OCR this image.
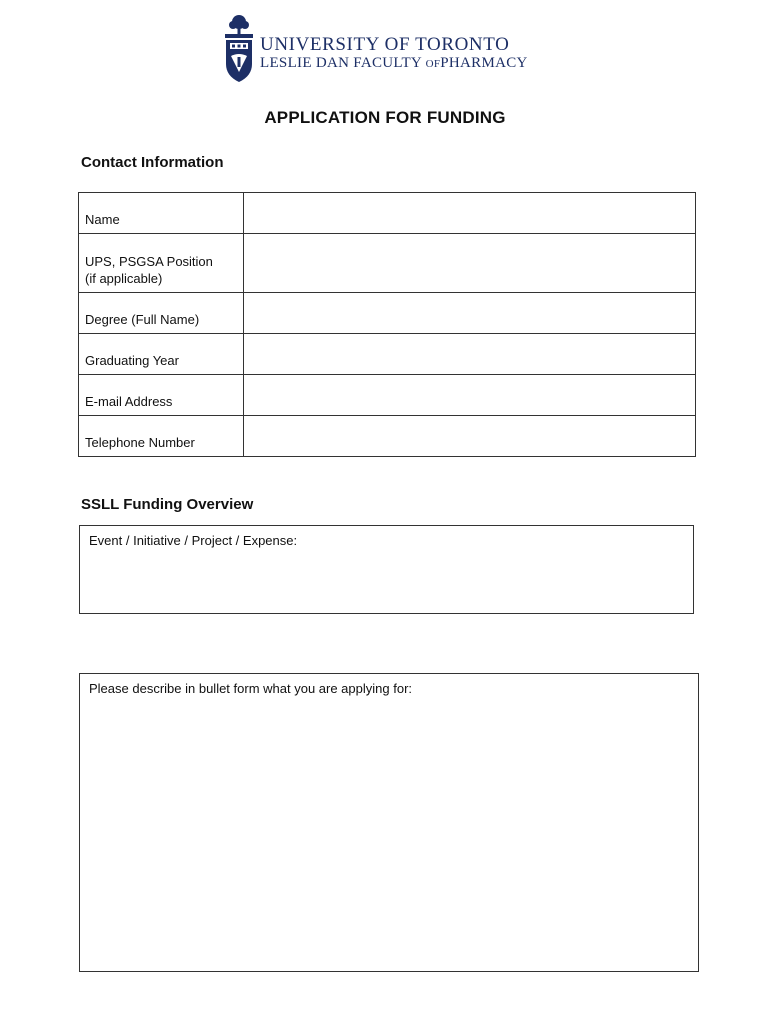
UNIVERSITY OF TORONTO
LESLIE DAN FACULTY OFPHARMACY
APPLICATION FOR FUNDING
Contact Information
Name	
UPS, PSGSA Position
(if applicable)	
Degree (Full Name)	
Graduating Year	
E-mail Address	
Telephone Number	
SSLL Funding Overview
Event / Initiative / Project / Expense:
Please describe in bullet form what you are applying for:
